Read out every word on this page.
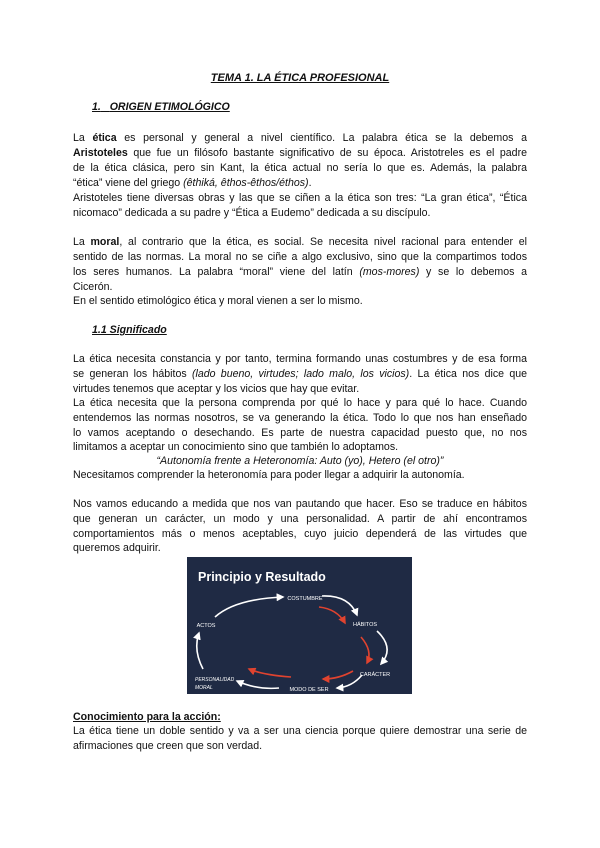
TEMA 1. LA ÉTICA PROFESIONAL
1. ORIGEN ETIMOLÓGICO
La ética es personal y general a nivel científico. La palabra ética se la debemos a
Aristoteles que fue un filósofo bastante significativo de su época. Aristotreles es el padre
de la ética clásica, pero sin Kant, la ética actual no sería lo que es. Además, la palabra
“ética” viene del griego (êthiká, êthos-êthos/éthos).
Aristoteles tiene diversas obras y las que se ciñen a la ética son tres: “La gran ética”, “Ética
nicomaco” dedicada a su padre y “Ética a Eudemo” dedicada a su discípulo.
La moral, al contrario que la ética, es social. Se necesita nivel racional para entender el
sentido de las normas. La moral no se ciñe a algo exclusivo, sino que la compartimos todos
los seres humanos. La palabra “moral” viene del latín (mos-mores) y se lo debemos a
Cicerón.
En el sentido etimológico ética y moral vienen a ser lo mismo.
1.1 Significado
La ética necesita constancia y por tanto, termina formando unas costumbres y de esa forma
se generan los hábitos (lado bueno, virtudes; lado malo, los vicios). La ética nos dice que
virtudes tenemos que aceptar y los vicios que hay que evitar.
La ética necesita que la persona comprenda por qué lo hace y para qué lo hace. Cuando
entendemos las normas nosotros, se va generando la ética. Todo lo que nos han enseñado
lo vamos aceptando o desechando. Es parte de nuestra capacidad puesto que, no nos
limitamos a aceptar un conocimiento sino que también lo adoptamos.
“Autonomía frente a Heteronomía: Auto (yo), Hetero (el otro)”
Necesitamos comprender la heteronomía para poder llegar a adquirir la autonomía.
Nos vamos educando a medida que nos van pautando que hacer. Eso se traduce en hábitos
que generan un carácter, un modo y una personalidad. A partir de ahí encontramos
comportamientos más o menos aceptables, cuyo juicio dependerá de las virtudes que
queremos adquirir.
Principio y Resultado
COSTUMBRE
HÁBITOS
CARÁCTER
MODO DE SER
PERSONALIDAD
MORAL
ACTOS
Conocimiento para la acción:
La ética tiene un doble sentido y va a ser una ciencia porque quiere demostrar una serie de
afirmaciones que creen que son verdad.
